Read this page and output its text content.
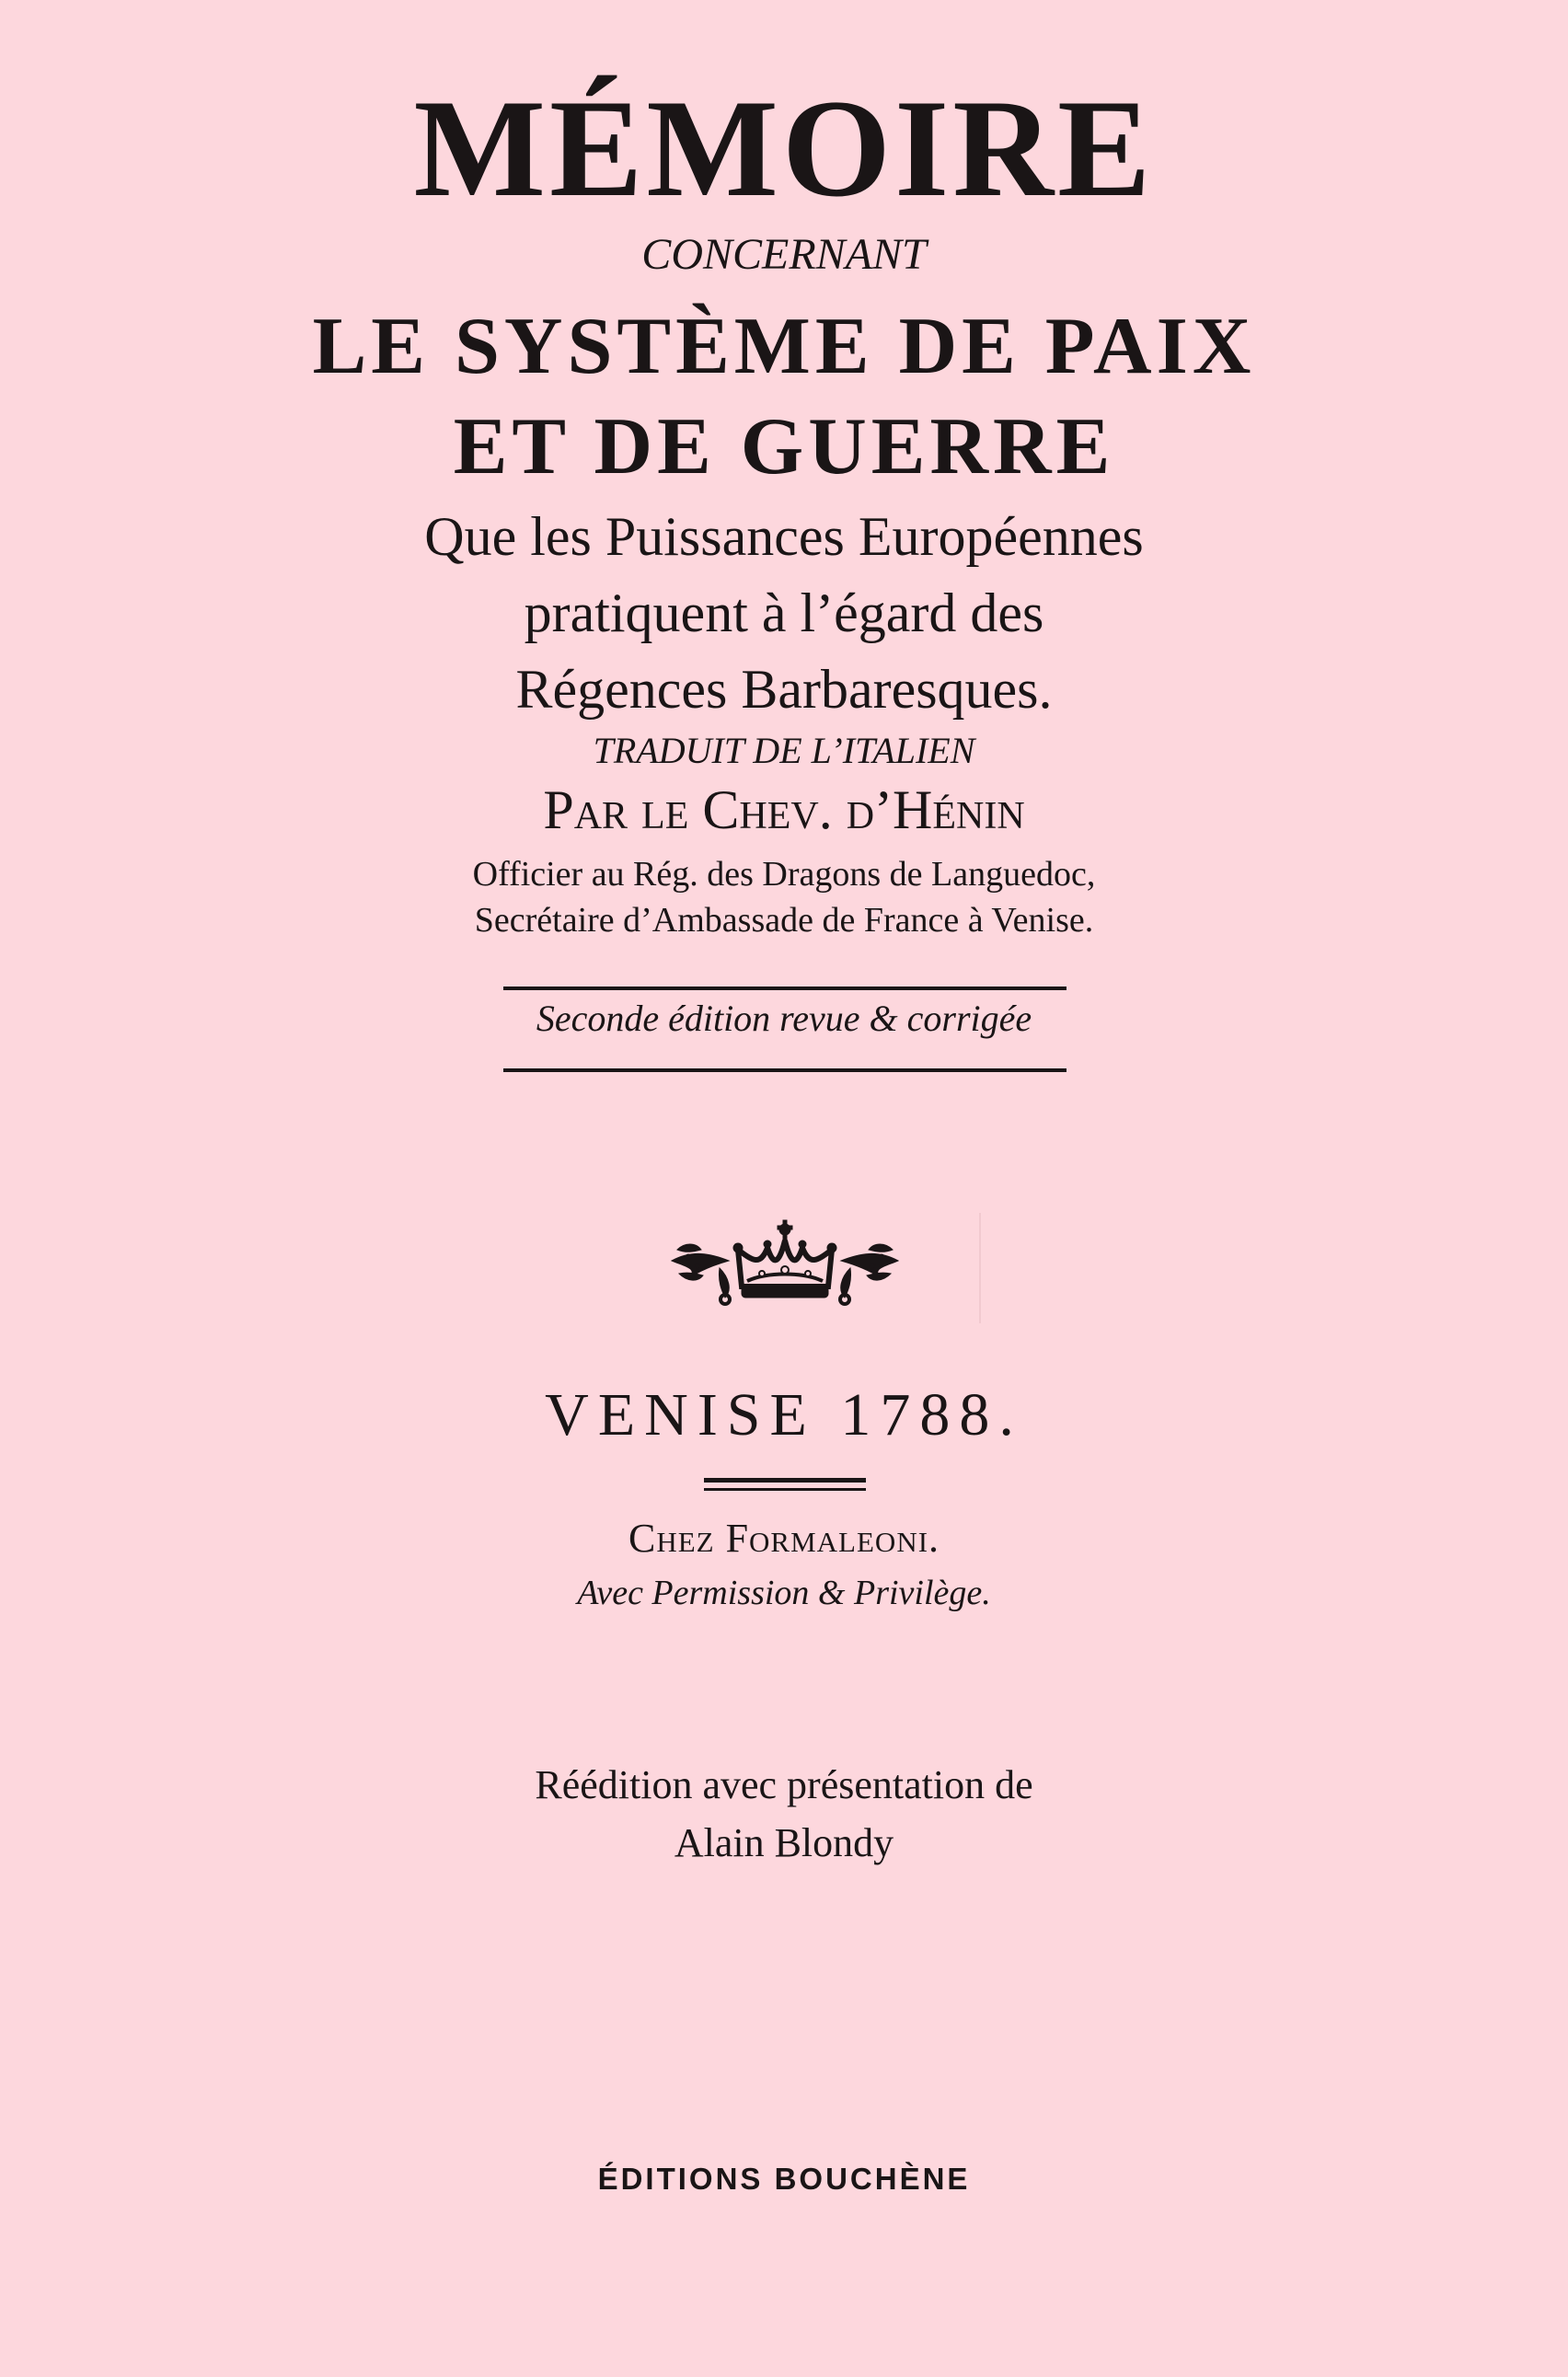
MÉMOIRE
CONCERNANT
LE SYSTÈME DE PAIX
ET DE GUERRE
Que les Puissances Européennes
pratiquent à l’égard des
Régences Barbaresques.
TRADUIT DE L’ITALIEN
Par le Chev. d’Hénin
Officier au Rég. des Dragons de Languedoc,
Secrétaire d’Ambassade de France à Venise.
Seconde édition revue & corrigée
VENISE 1788.
Chez Formaleoni.
Avec Permission & Privilège.
Réédition avec présentation de
Alain Blondy
ÉDITIONS BOUCHÈNE
